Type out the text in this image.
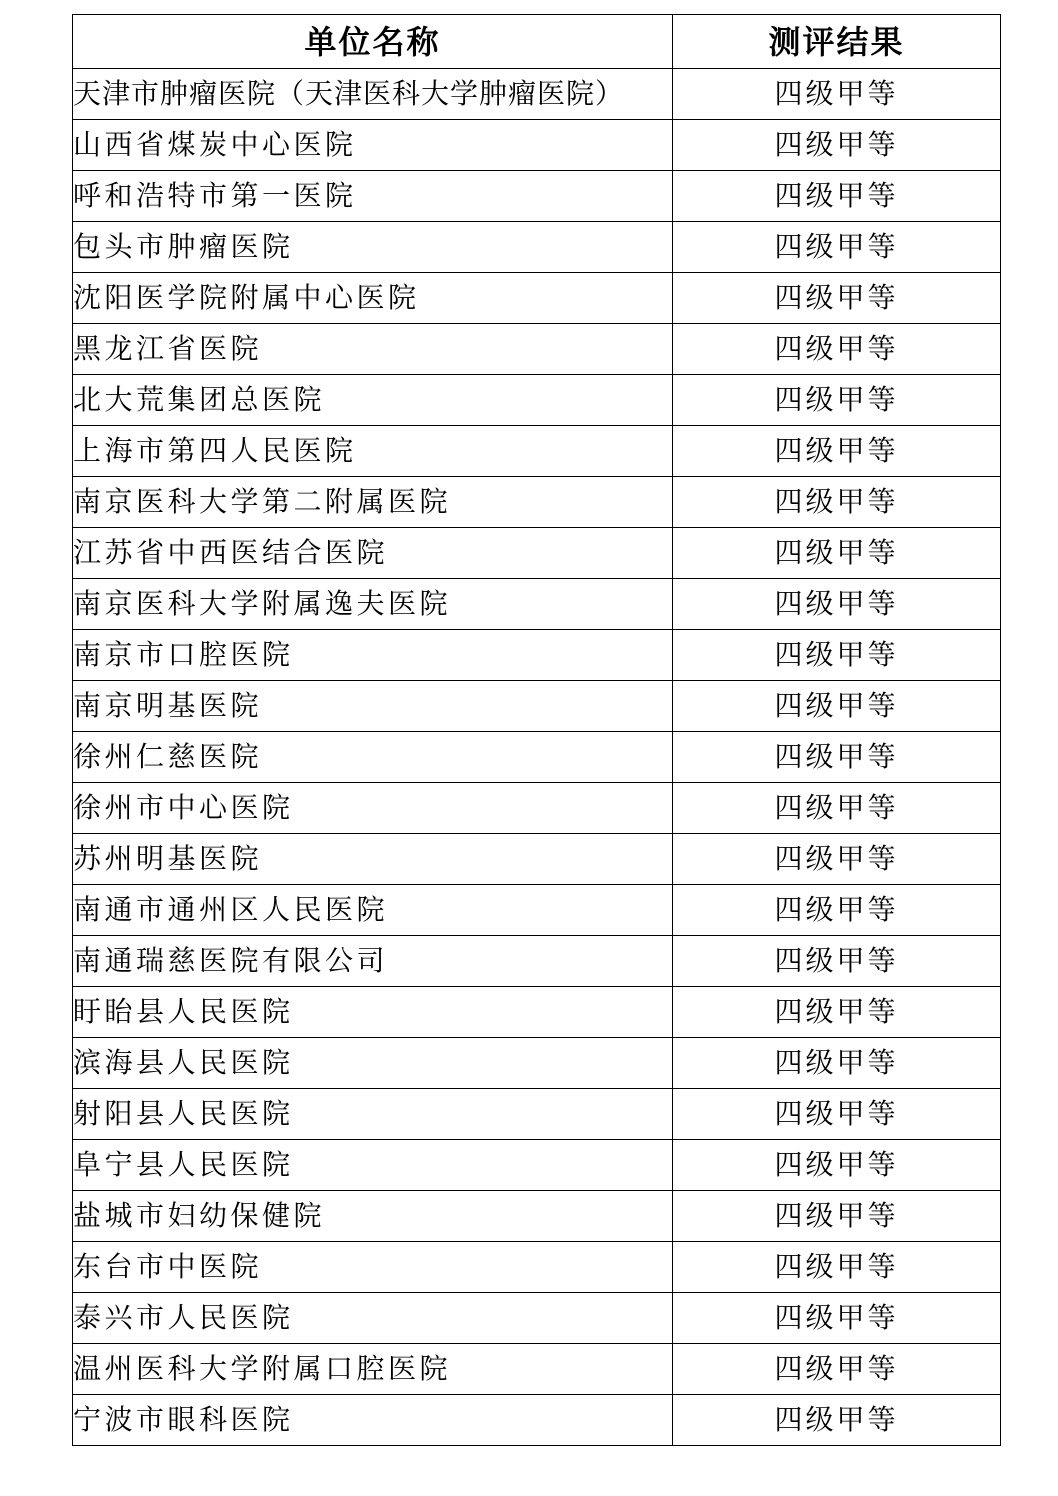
单位名称	测评结果
天津市肿瘤医院（天津医科大学肿瘤医院）	四级甲等
山西省煤炭中心医院	四级甲等
呼和浩特市第一医院	四级甲等
包头市肿瘤医院	四级甲等
沈阳医学院附属中心医院	四级甲等
黑龙江省医院	四级甲等
北大荒集团总医院	四级甲等
上海市第四人民医院	四级甲等
南京医科大学第二附属医院	四级甲等
江苏省中西医结合医院	四级甲等
南京医科大学附属逸夫医院	四级甲等
南京市口腔医院	四级甲等
南京明基医院	四级甲等
徐州仁慈医院	四级甲等
徐州市中心医院	四级甲等
苏州明基医院	四级甲等
南通市通州区人民医院	四级甲等
南通瑞慈医院有限公司	四级甲等
盱眙县人民医院	四级甲等
滨海县人民医院	四级甲等
射阳县人民医院	四级甲等
阜宁县人民医院	四级甲等
盐城市妇幼保健院	四级甲等
东台市中医院	四级甲等
泰兴市人民医院	四级甲等
温州医科大学附属口腔医院	四级甲等
宁波市眼科医院	四级甲等
